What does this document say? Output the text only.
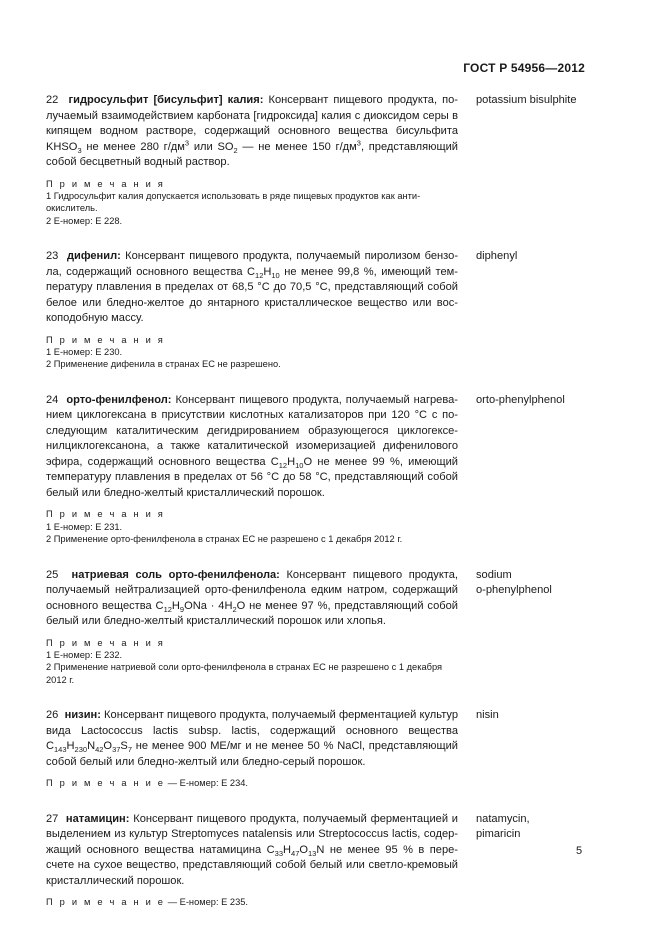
ГОСТ Р 54956—2012
22 гидросульфит [бисульфит] калия: Консервант пищевого продукта, получаемый взаимодействием карбоната [гидроксида] калия с диоксидом серы в кипящем водном растворе, содержащий основного вещества бисульфита $KHSO_3$ не менее 280 $г/дм^3$ или $SO_2$ — не менее 150 $г/дм^3$, представляющий собой бесцветный водный раствор.
potassium bisulphite
П р и м е ч а н и я
1 Гидросульфит калия допускается использовать в ряде пищевых продуктов как антиокислитель.
2 Е-номер: Е 228.
23 дифенил: Консервант пищевого продукта, получаемый пиролизом бензола, содержащий основного вещества $C_{12}H_{10}$ не менее 99,8 %, имеющий температуру плавления в пределах от 68,5 °С до 70,5 °С, представляющий собой белое или бледно-желтое до янтарного кристаллическое вещество или воскоподобную массу.
diphenyl
П р и м е ч а н и я
1 Е-номер: Е 230.
2 Применение дифенила в странах ЕС не разрешено.
24 орто-фенилфенол: Консервант пищевого продукта, получаемый нагреванием циклогексана в присутствии кислотных катализаторов при 120 °С с последующим каталитическим дегидрированием образующегося циклогексенилциклогексанона, а также каталитической изомеризацией дифенилового эфира, содержащий основного вещества $C_{12}H_{10}O$ не менее 99 %, имеющий температуру плавления в пределах от 56 °С до 58 °С, представляющий собой белый или бледно-желтый кристаллический порошок.
orto-phenylphenol
П р и м е ч а н и я
1 Е-номер: Е 231.
2 Применение орто-фенилфенола в странах ЕС не разрешено с 1 декабря 2012 г.
25 натриевая соль орто-фенилфенола: Консервант пищевого продукта, получаемый нейтрализацией орто-фенилфенола едким натром, содержащий основного вещества $C_{12}H_9ONa \cdot 4H_2O$ не менее 97 %, представляющий собой белый или бледно-желтый кристаллический порошок или хлопья.
sodium
o-phenylphenol
П р и м е ч а н и я
1 Е-номер: Е 232.
2 Применение натриевой соли орто-фенилфенола в странах ЕС не разрешено с 1 декабря 2012 г.
26 низин: Консервант пищевого продукта, получаемый ферментацией культур вида Lactococcus lactis subsp. lactis, содержащий основного вещества $C_{143}H_{230}N_{42}O_{37}S_7$ не менее 900 МЕ/мг и не менее 50 % NaCl, представляющий собой белый или бледно-желтый или бледно-серый порошок.
nisin
П р и м е ч а н и е — Е-номер: Е 234.
27 натамицин: Консервант пищевого продукта, получаемый ферментацией и выделением из культур Streptomyces natalensis или Streptococcus lactis, содержащий основного вещества натамицина $C_{33}H_{47}O_{13}N$ не менее 95 % в пересчете на сухое вещество, представляющий собой белый или светло-кремовый кристаллический порошок.
natamycin,
pimaricin
П р и м е ч а н и е — Е-номер: Е 235.
5
